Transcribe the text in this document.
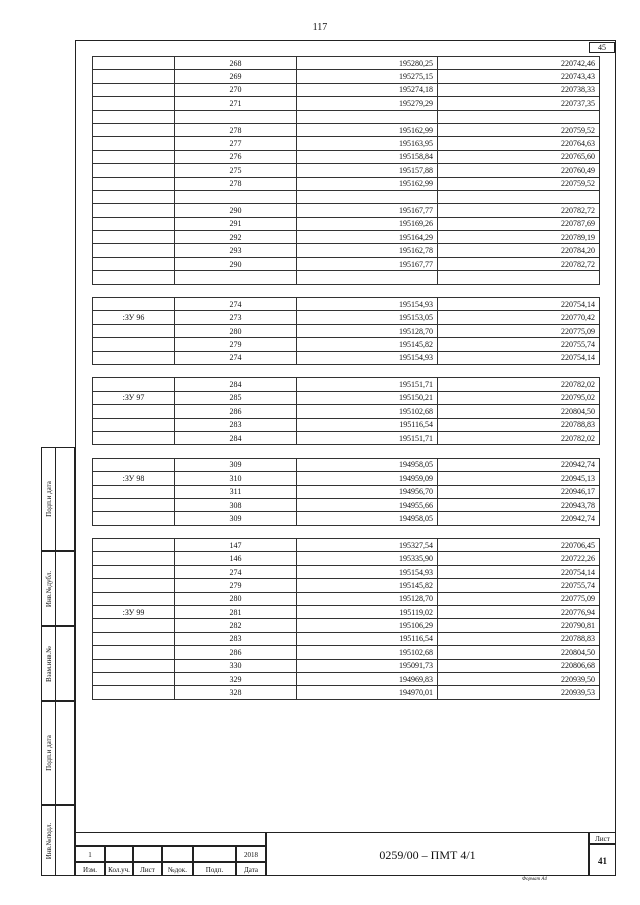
117
45
	268	195280,25	220742,46
	269	195275,15	220743,43
	270	195274,18	220738,33
	271	195279,29	220737,35

	278	195162,99	220759,52
	277	195163,95	220764,63
	276	195158,84	220765,60
	275	195157,88	220760,49
	278	195162,99	220759,52

	290	195167,77	220782,72
	291	195169,26	220787,69
	292	195164,29	220789,19
	293	195162,78	220784,20
	290	195167,77	220782,72

	274	195154,93	220754,14
:ЗУ 96	273	195153,05	220770,42
	280	195128,70	220775,09
	279	195145,82	220755,74
	274	195154,93	220754,14

	284	195151,71	220782,02
:ЗУ 97	285	195150,21	220795,02
	286	195102,68	220804,50
	283	195116,54	220788,83
	284	195151,71	220782,02

	309	194958,05	220942,74
:ЗУ 98	310	194959,09	220945,13
	311	194956,70	220946,17
	308	194955,66	220943,78
	309	194958,05	220942,74

	147	195327,54	220706,45
	146	195335,90	220722,26
	274	195154,93	220754,14
	279	195145,82	220755,74
	280	195128,70	220775,09
:ЗУ 99	281	195119,02	220776,94
	282	195106,29	220790,81
	283	195116,54	220788,83
	286	195102,68	220804,50
	330	195091,73	220806,68
	329	194969,83	220939,50
	328	194970,01	220939,53
Подп.и дата
Инв.№дубл.
Взам.инв.№
Подп.и дата
Инв.№подл.	1	2018
Изм.	Кол.уч.	Лист	№док.	Подп.	Дата
0259/00 – ПМТ 4/1
Лист
41
Формат А4
